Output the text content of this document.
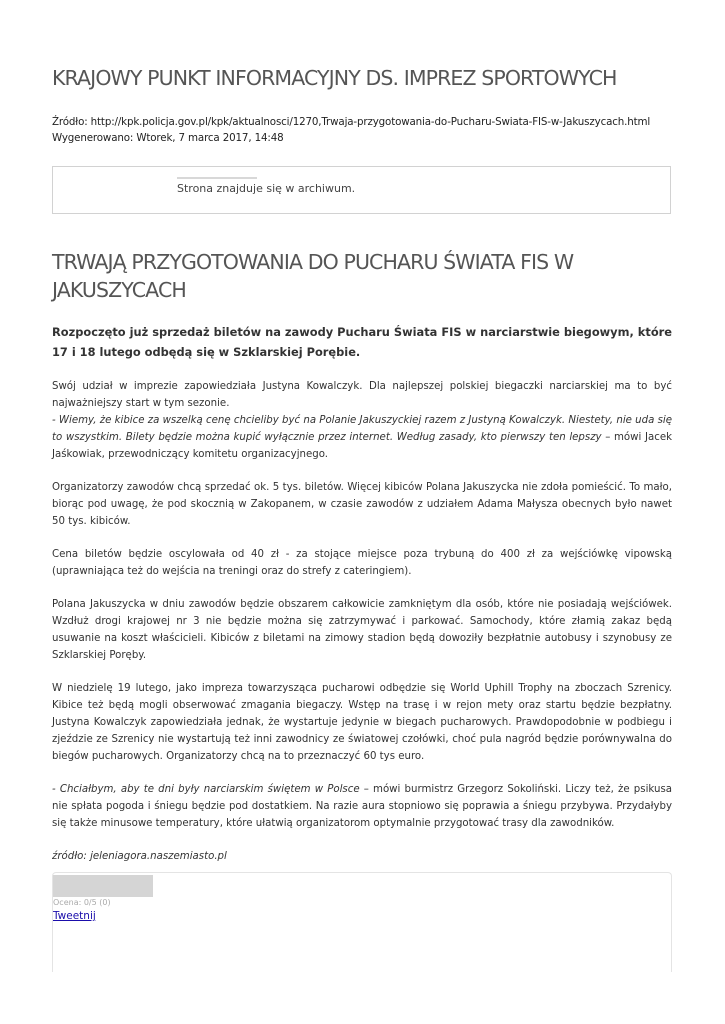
KRAJOWY PUNKT INFORMACYJNY DS. IMPREZ SPORTOWYCH
Źródło: http://kpk.policja.gov.pl/kpk/aktualnosci/1270,Trwaja-przygotowania-do-Pucharu-Swiata-FIS-w-Jakuszycach.html
Wygenerowano: Wtorek, 7 marca 2017, 14:48
Strona znajduje się w archiwum.
TRWAJĄ PRZYGOTOWANIA DO PUCHARU ŚWIATA FIS W JAKUSZYCACH

Rozpoczęto już sprzedaż biletów na zawody Pucharu Świata FIS w narciarstwie biegowym, które 17 i 18 lutego odbędą się w Szklarskiej Porębie.

Swój udział w imprezie zapowiedziała Justyna Kowalczyk. Dla najlepszej polskiej biegaczki narciarskiej ma to być najważniejszy start w tym sezonie.
- Wiemy, że kibice za wszelką cenę chcieliby być na Polanie Jakuszyckiej razem z Justyną Kowalczyk. Niestety, nie uda się to wszystkim. Bilety będzie można kupić wyłącznie przez internet. Według zasady, kto pierwszy ten lepszy – mówi Jacek Jaśkowiak, przewodniczący komitetu organizacyjnego.

Organizatorzy zawodów chcą sprzedać ok. 5 tys. biletów. Więcej kibiców Polana Jakuszycka nie zdoła pomieścić. To mało, biorąc pod uwagę, że pod skocznią w Zakopanem, w czasie zawodów z udziałem Adama Małysza obecnych było nawet 50 tys. kibiców.

Cena biletów będzie oscylowała od 40 zł - za stojące miejsce poza trybuną do 400 zł za wejściówkę vipowską (uprawniająca też do wejścia na treningi oraz do strefy z cateringiem).

Polana Jakuszycka w dniu zawodów będzie obszarem całkowicie zamkniętym dla osób, które nie posiadają wejściówek. Wzdłuż drogi krajowej nr 3 nie będzie można się zatrzymywać i parkować. Samochody, które złamią zakaz będą usuwanie na koszt właścicieli. Kibiców z biletami na zimowy stadion będą dowoziły bezpłatnie autobusy i szynobusy ze Szklarskiej Poręby.

W niedzielę 19 lutego, jako impreza towarzysząca pucharowi odbędzie się World Uphill Trophy na zboczach Szrenicy. Kibice też będą mogli obserwować zmagania biegaczy. Wstęp na trasę i w rejon mety oraz startu będzie bezpłatny. Justyna Kowalczyk zapowiedziała jednak, że wystartuje jedynie w biegach pucharowych. Prawdopodobnie w podbiegu i zjeździe ze Szrenicy nie wystartują też inni zawodnicy ze światowej czołówki, choć pula nagród będzie porównywalna do biegów pucharowych. Organizatorzy chcą na to przeznaczyć 60 tys euro.

- Chciałbym, aby te dni były narciarskim świętem w Polsce – mówi burmistrz Grzegorz Sokoliński. Liczy też, że psikusa nie spłata pogoda i śniegu będzie pod dostatkiem. Na razie aura stopniowo się poprawia a śniegu przybywa. Przydałyby się także minusowe temperatury, które ułatwią organizatorom optymalnie przygotować trasy dla zawodników.

źródło: jeleniagora.naszemiasto.pl

Ocena: 0/5 (0)
Tweetnij
